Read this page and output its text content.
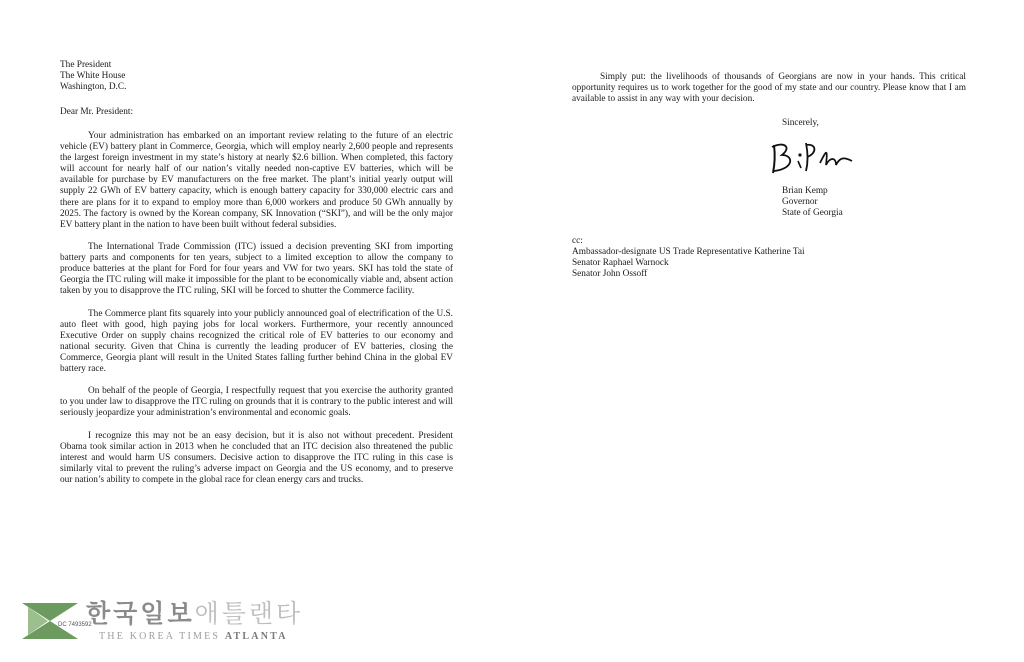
The President

The White House

Washington, D.C.

Dear Mr. President:

Your administration has embarked on an important review relating to the future of an electric vehicle (EV) battery plant in Commerce, Georgia, which will employ nearly 2,600 people and represents the largest foreign investment in my state’s history at nearly $2.6 billion. When completed, this factory will account for nearly half of our nation’s vitally needed non-captive EV batteries, which will be available for purchase by EV manufacturers on the free market. The plant’s initial yearly output will supply 22 GWh of EV battery capacity, which is enough battery capacity for 330,000 electric cars and there are plans for it to expand to employ more than 6,000 workers and produce 50 GWh annually by 2025. The factory is owned by the Korean company, SK Innovation (“SKI”), and will be the only major EV battery plant in the nation to have been built without federal subsidies.

The International Trade Commission (ITC) issued a decision preventing SKI from importing battery parts and components for ten years, subject to a limited exception to allow the company to produce batteries at the plant for Ford for four years and VW for two years. SKI has told the state of Georgia the ITC ruling will make it impossible for the plant to be economically viable and, absent action taken by you to disapprove the ITC ruling, SKI will be forced to shutter the Commerce facility.

The Commerce plant fits squarely into your publicly announced goal of electrification of the U.S. auto fleet with good, high paying jobs for local workers. Furthermore, your recently announced Executive Order on supply chains recognized the critical role of EV batteries to our economy and national security. Given that China is currently the leading producer of EV batteries, closing the Commerce, Georgia plant will result in the United States falling further behind China in the global EV battery race.

On behalf of the people of Georgia, I respectfully request that you exercise the authority granted to you under law to disapprove the ITC ruling on grounds that it is contrary to the public interest and will seriously jeopardize your administration’s environmental and economic goals.

I recognize this may not be an easy decision, but it is also not without precedent. President Obama took similar action in 2013 when he concluded that an ITC decision also threatened the public interest and would harm US consumers. Decisive action to disapprove the ITC ruling in this case is similarly vital to prevent the ruling’s adverse impact on Georgia and the US economy, and to preserve our nation’s ability to compete in the global race for clean energy cars and trucks.

DC 7493592
한국일보애틀랜타
THE KOREA TIMES ATLANTA

Simply put: the livelihoods of thousands of Georgians are now in your hands. This critical opportunity requires us to work together for the good of my state and our country. Please know that I am available to assist in any way with your decision.

Sincerely,

Brian Kemp

Governor

State of Georgia

cc:

Ambassador-designate US Trade Representative Katherine Tai

Senator Raphael Warnock

Senator John Ossoff
